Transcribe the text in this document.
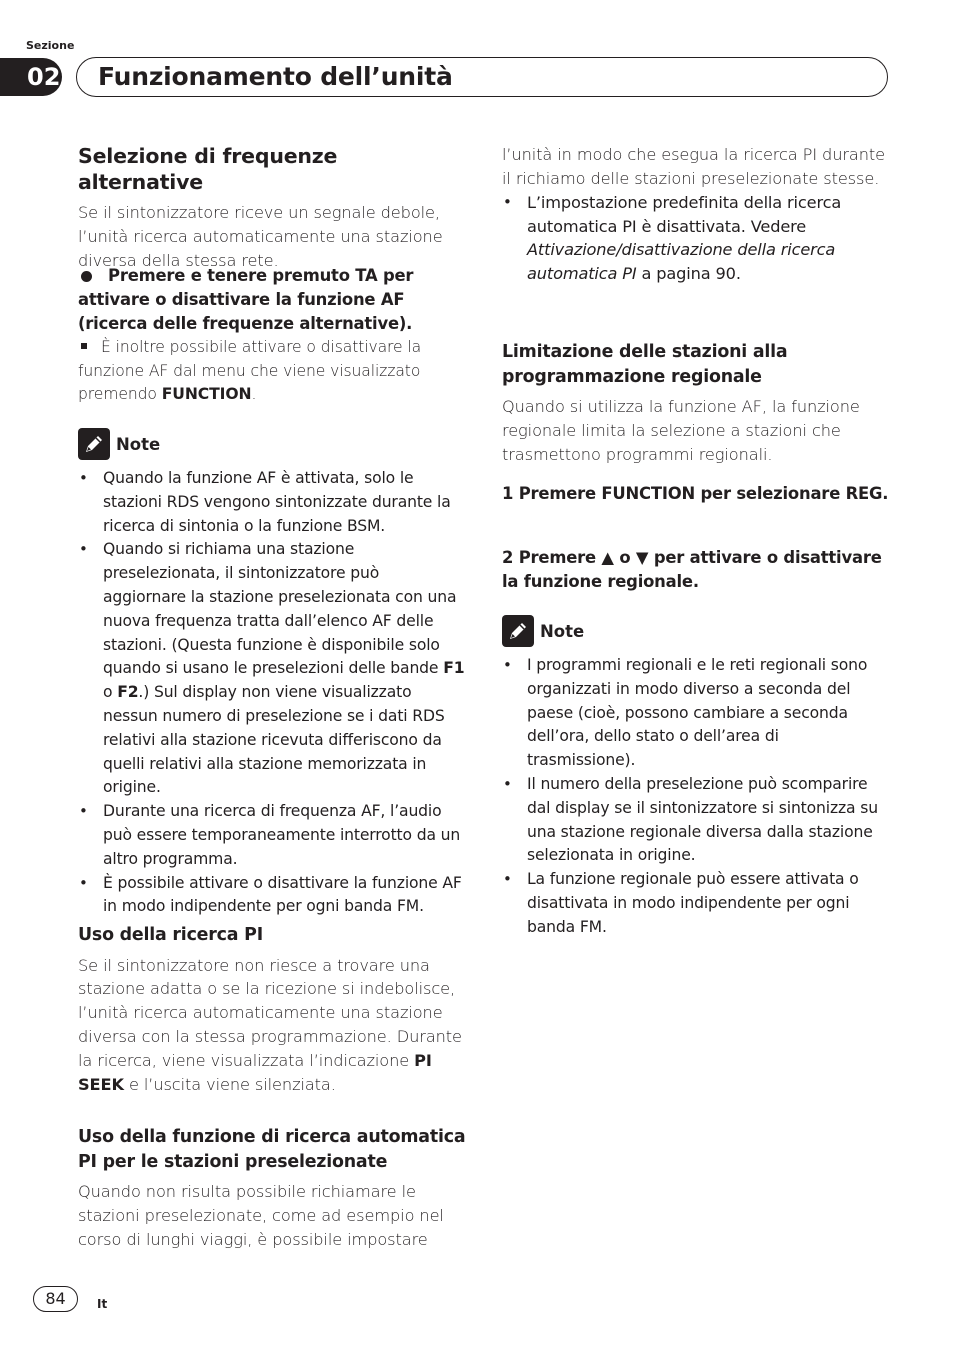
Sezione
02 Funzionamento dell’unità
Selezione di frequenze alternative

Se il sintonizzatore riceve un segnale debole, l’unità ricerca automaticamente una stazione diversa della stessa rete.

Premere e tenere premuto TA per attivare o disattivare la funzione AF (ricerca delle frequenze alternative).

È inoltre possibile attivare o disattivare la funzione AF dal menu che viene visualizzato premendo FUNCTION.

Note
• Quando la funzione AF è attivata, solo le stazioni RDS vengono sintonizzate durante la ricerca di sintonia o la funzione BSM.
• Quando si richiama una stazione preselezionata, il sintonizzatore può aggiornare la stazione preselezionata con una nuova frequenza tratta dall’elenco AF delle stazioni. (Questa funzione è disponibile solo quando si usano le preselezioni delle bande F1 o F2.) Sul display non viene visualizzato nessun numero di preselezione se i dati RDS relativi alla stazione ricevuta differiscono da quelli relativi alla stazione memorizzata in origine.
• Durante una ricerca di frequenza AF, l’audio può essere temporaneamente interrotto da un altro programma.
• È possibile attivare o disattivare la funzione AF in modo indipendente per ogni banda FM.
Uso della ricerca PI

Se il sintonizzatore non riesce a trovare una stazione adatta o se la ricezione si indebolisce, l’unità ricerca automaticamente una stazione diversa con la stessa programmazione. Durante la ricerca, viene visualizzata l’indicazione PI SEEK e l’uscita viene silenziata.

Uso della funzione di ricerca automatica PI per le stazioni preselezionate

Quando non risulta possibile richiamare le stazioni preselezionate, come ad esempio nel corso di lunghi viaggi, è possibile impostare

l’unità in modo che esegua la ricerca PI durante il richiamo delle stazioni preselezionate stesse.

• L’impostazione predefinita della ricerca automatica PI è disattivata. Vedere Attivazione/disattivazione della ricerca automatica PI a pagina 90.
Limitazione delle stazioni alla programmazione regionale

Quando si utilizza la funzione AF, la funzione regionale limita la selezione a stazioni che trasmettono programmi regionali.

1 Premere FUNCTION per selezionare REG.

2 Premere ▲ o ▼ per attivare o disattivare la funzione regionale.

Note
• I programmi regionali e le reti regionali sono organizzati in modo diverso a seconda del paese (cioè, possono cambiare a seconda dell’ora, dello stato o dell’area di trasmissione).
• Il numero della preselezione può scomparire dal display se il sintonizzatore si sintonizza su una stazione regionale diversa dalla stazione selezionata in origine.
• La funzione regionale può essere attivata o disattivata in modo indipendente per ogni banda FM.
84	It
